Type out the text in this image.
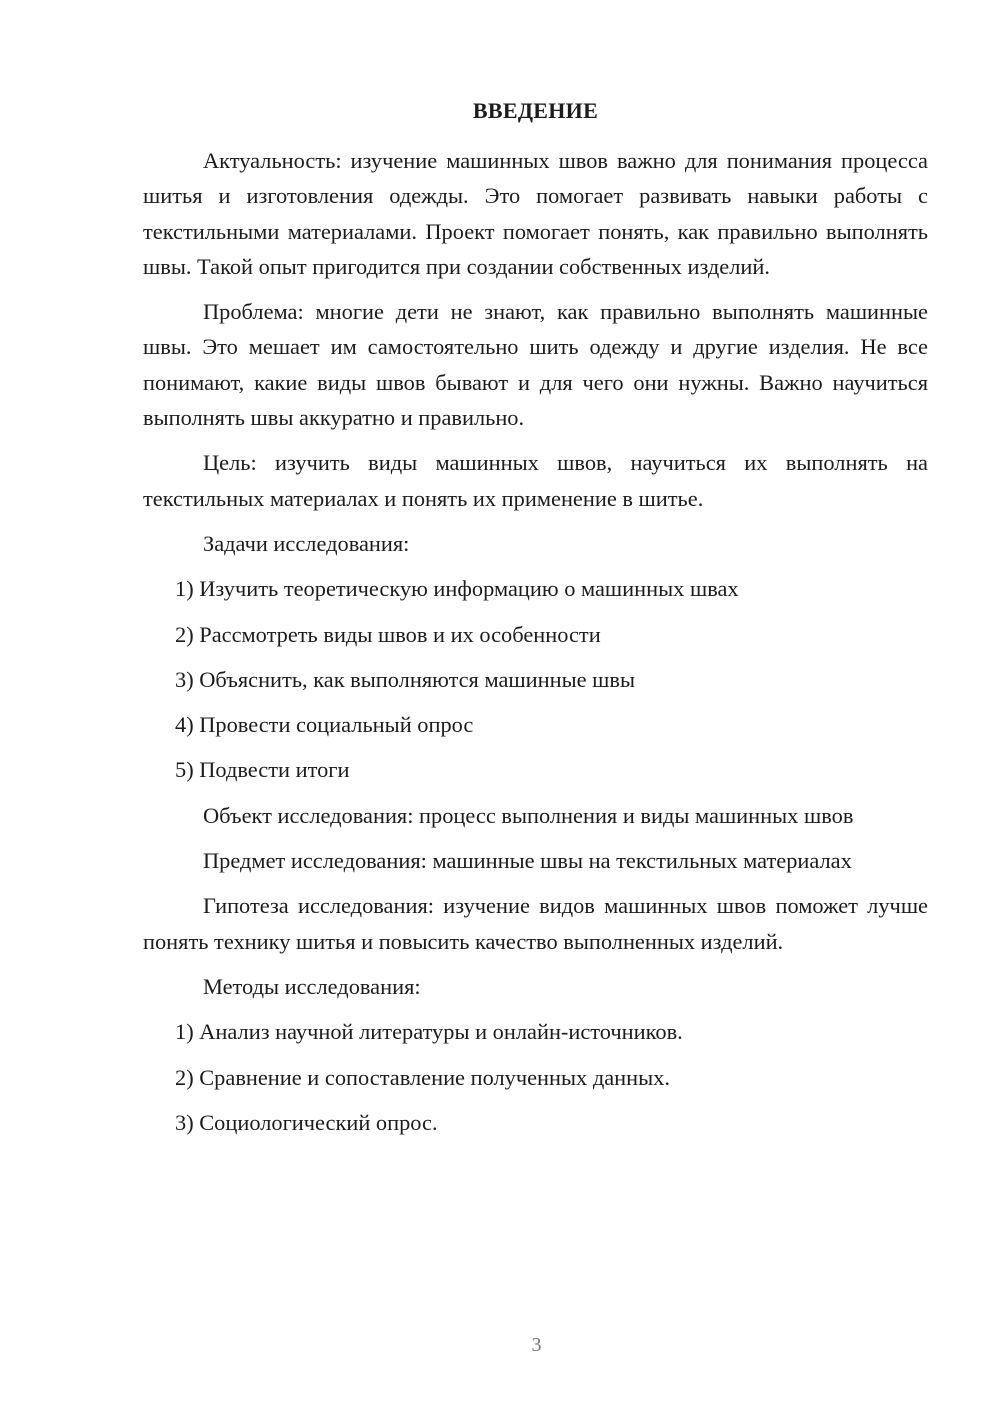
ВВЕДЕНИЕ

Актуальность: изучение машинных швов важно для понимания процесса шитья и изготовления одежды. Это помогает развивать навыки работы с текстильными материалами. Проект помогает понять, как правильно выполнять швы. Такой опыт пригодится при создании собственных изделий.

Проблема: многие дети не знают, как правильно выполнять машинные швы. Это мешает им самостоятельно шить одежду и другие изделия. Не все понимают, какие виды швов бывают и для чего они нужны. Важно научиться выполнять швы аккуратно и правильно.

Цель: изучить виды машинных швов, научиться их выполнять на текстильных материалах и понять их применение в шитье.

Задачи исследования:

1) Изучить теоретическую информацию о машинных швах
2) Рассмотреть виды швов и их особенности
3) Объяснить, как выполняются машинные швы
4) Провести социальный опрос
5) Подвести итоги

Объект исследования: процесс выполнения и виды машинных швов

Предмет исследования: машинные швы на текстильных материалах

Гипотеза исследования: изучение видов машинных швов поможет лучше понять технику шитья и повысить качество выполненных изделий.

Методы исследования:

1) Анализ научной литературы и онлайн-источников.
2) Сравнение и сопоставление полученных данных.
3) Социологический опрос.
3
